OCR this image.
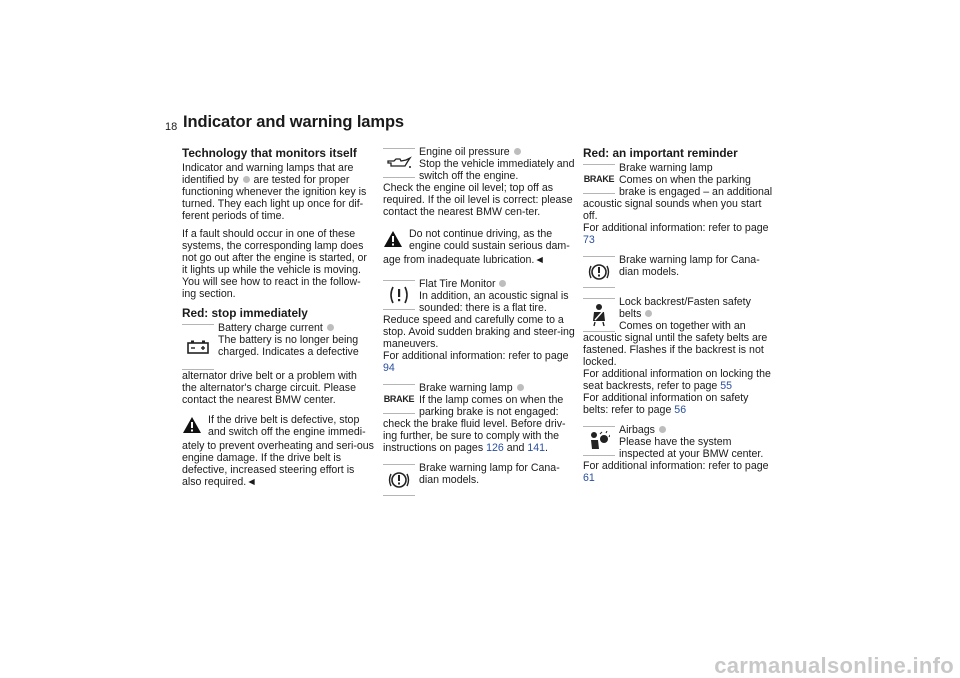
18 Indicator and warning lamps
Technology that monitors itself

Indicator and warning lamps that are identified by are tested for proper functioning whenever the ignition key is turned. They each light up once for dif-ferent periods of time.

If a fault should occur in one of these systems, the corresponding lamp does not go out after the engine is started, or it lights up while the vehicle is moving. You will see how to react in the follow-ing section.

Red: stop immediately

Battery charge current
The battery is no longer being charged. Indicates a defective

alternator drive belt or a problem with the alternator's charge circuit. Please contact the nearest BMW center.

If the drive belt is defective, stop and switch off the engine immedi-

ately to prevent overheating and seri-ous engine damage. If the drive belt is defective, increased steering effort is also required.◄

Engine oil pressure
Stop the vehicle immediately and switch off the engine.

Check the engine oil level; top off as required. If the oil level is correct: please contact the nearest BMW cen-ter.

Do not continue driving, as the engine could sustain serious dam-

age from inadequate lubrication.◄

Flat Tire Monitor
In addition, an acoustic signal is sounded: there is a flat tire.

Reduce speed and carefully come to a stop. Avoid sudden braking and steer-ing maneuvers.

For additional information: refer to page 94

BRAKE

Brake warning lamp
If the lamp comes on when the parking brake is not engaged:

check the brake fluid level. Before driv-ing further, be sure to comply with the instructions on pages 126 and 141.

Brake warning lamp for Cana-dian models.

Red: an important reminder
BRAKE

Brake warning lamp
Comes on when the parking brake is engaged – an additional

acoustic signal sounds when you start off.

For additional information: refer to page 73

Brake warning lamp for Cana-dian models.

Lock backrest/Fasten safety belts
Comes on together with an

acoustic signal until the safety belts are fastened. Flashes if the backrest is not locked.

For additional information on locking the seat backrests, refer to page 55

For additional information on safety belts: refer to page 56

Airbags
Please have the system inspected at your BMW center.

For additional information: refer to page 61

carmanualsonline.info
